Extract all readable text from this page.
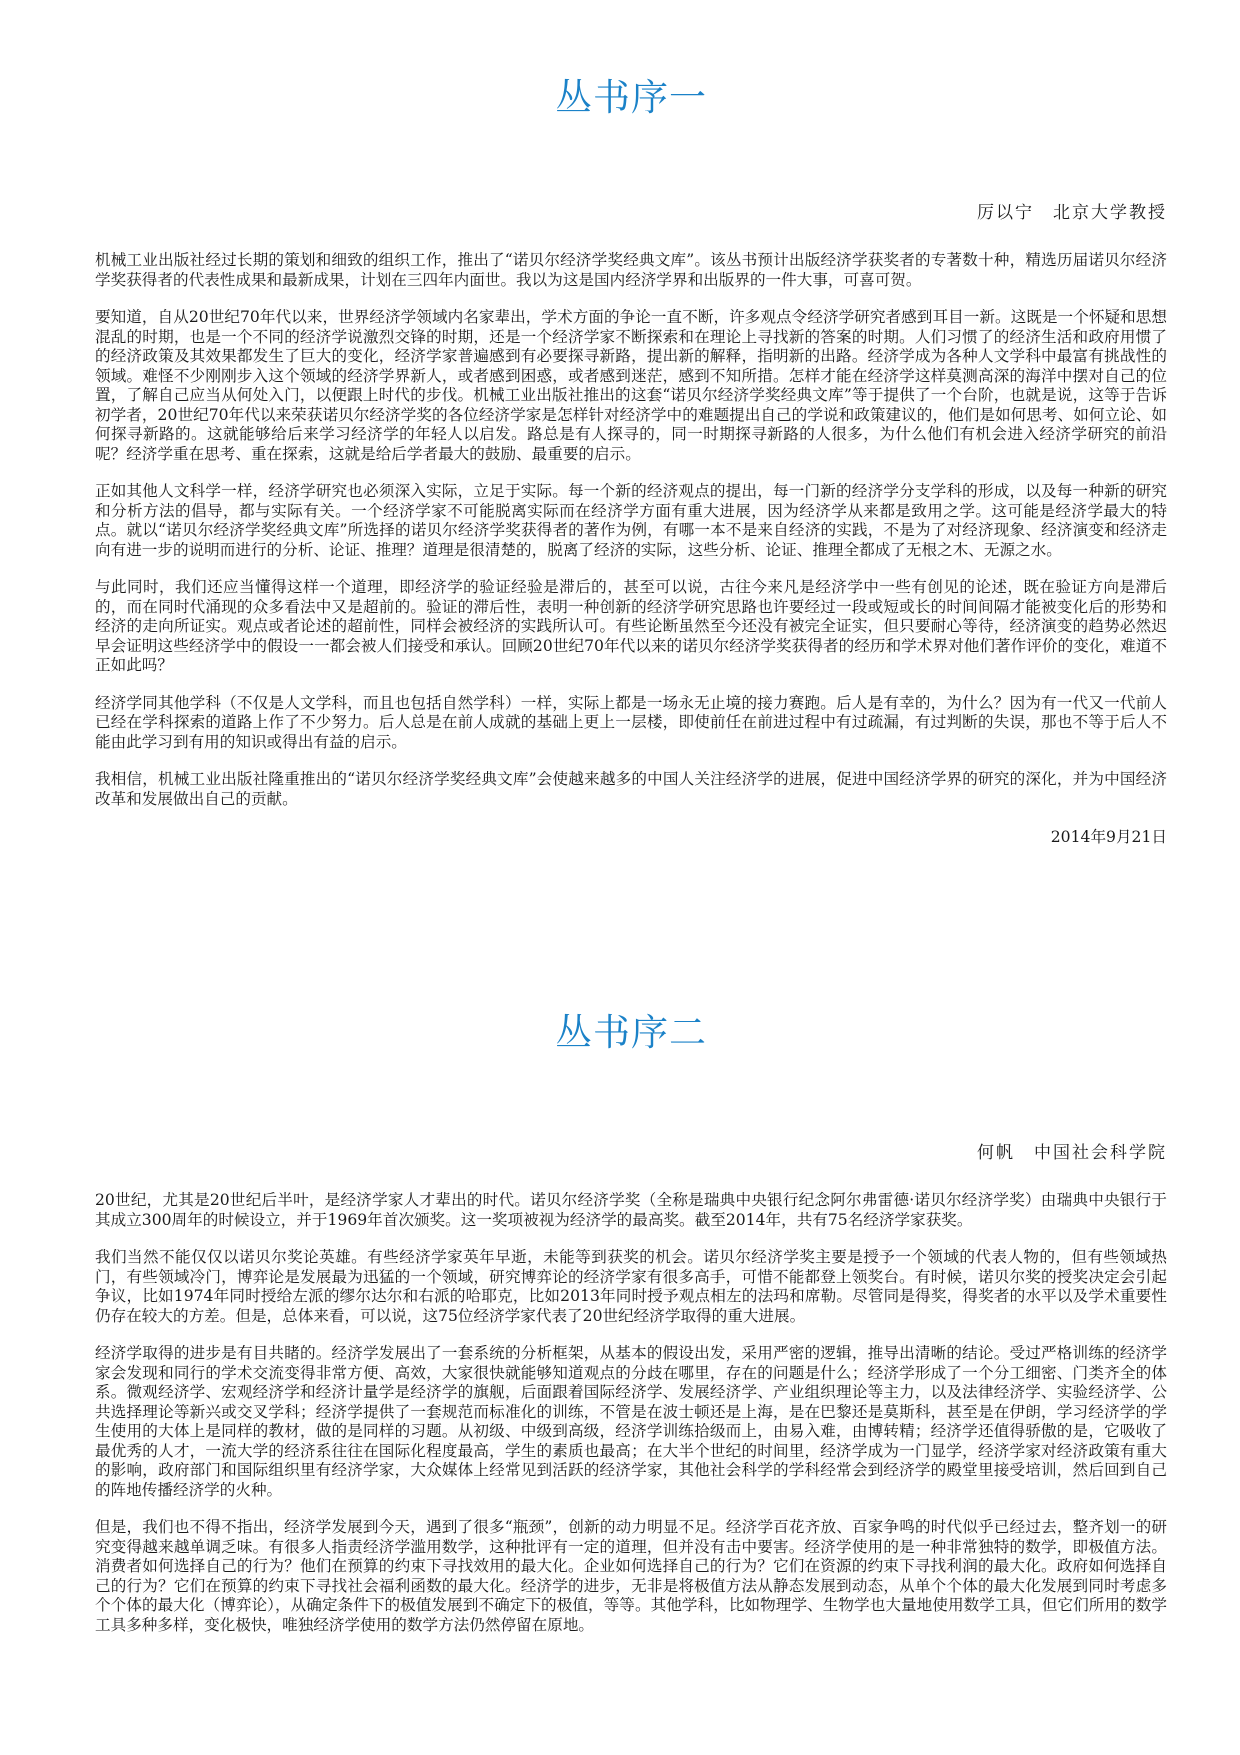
丛书序一

厉以宁　北京大学教授

机械工业出版社经过长期的策划和细致的组织工作，推出了“诺贝尔经济学奖经典文库”。该丛书预计出版经济学获奖者的专著数十种，精选历届诺贝尔经济学奖获得者的代表性成果和最新成果，计划在三四年内面世。我以为这是国内经济学界和出版界的一件大事，可喜可贺。

要知道，自从20世纪70年代以来，世界经济学领域内名家辈出，学术方面的争论一直不断，许多观点令经济学研究者感到耳目一新。这既是一个怀疑和思想混乱的时期，也是一个不同的经济学说激烈交锋的时期，还是一个经济学家不断探索和在理论上寻找新的答案的时期。人们习惯了的经济生活和政府用惯了的经济政策及其效果都发生了巨大的变化，经济学家普遍感到有必要探寻新路，提出新的解释，指明新的出路。经济学成为各种人文学科中最富有挑战性的领域。难怪不少刚刚步入这个领域的经济学界新人，或者感到困惑，或者感到迷茫，感到不知所措。怎样才能在经济学这样莫测高深的海洋中摆对自己的位置，了解自己应当从何处入门，以便跟上时代的步伐。机械工业出版社推出的这套“诺贝尔经济学奖经典文库”等于提供了一个台阶，也就是说，这等于告诉初学者，20世纪70年代以来荣获诺贝尔经济学奖的各位经济学家是怎样针对经济学中的难题提出自己的学说和政策建议的，他们是如何思考、如何立论、如何探寻新路的。这就能够给后来学习经济学的年轻人以启发。路总是有人探寻的，同一时期探寻新路的人很多，为什么他们有机会进入经济学研究的前沿呢？经济学重在思考、重在探索，这就是给后学者最大的鼓励、最重要的启示。

正如其他人文科学一样，经济学研究也必须深入实际，立足于实际。每一个新的经济观点的提出，每一门新的经济学分支学科的形成，以及每一种新的研究和分析方法的倡导，都与实际有关。一个经济学家不可能脱离实际而在经济学方面有重大进展，因为经济学从来都是致用之学。这可能是经济学最大的特点。就以“诺贝尔经济学奖经典文库”所选择的诺贝尔经济学奖获得者的著作为例，有哪一本不是来自经济的实践，不是为了对经济现象、经济演变和经济走向有进一步的说明而进行的分析、论证、推理？道理是很清楚的，脱离了经济的实际，这些分析、论证、推理全都成了无根之木、无源之水。

与此同时，我们还应当懂得这样一个道理，即经济学的验证经验是滞后的，甚至可以说，古往今来凡是经济学中一些有创见的论述，既在验证方向是滞后的，而在同时代涌现的众多看法中又是超前的。验证的滞后性，表明一种创新的经济学研究思路也许要经过一段或短或长的时间间隔才能被变化后的形势和经济的走向所证实。观点或者论述的超前性，同样会被经济的实践所认可。有些论断虽然至今还没有被完全证实，但只要耐心等待，经济演变的趋势必然迟早会证明这些经济学中的假设一一都会被人们接受和承认。回顾20世纪70年代以来的诺贝尔经济学奖获得者的经历和学术界对他们著作评价的变化，难道不正如此吗？

经济学同其他学科（不仅是人文学科，而且也包括自然学科）一样，实际上都是一场永无止境的接力赛跑。后人是有幸的，为什么？因为有一代又一代前人已经在学科探索的道路上作了不少努力。后人总是在前人成就的基础上更上一层楼，即使前任在前进过程中有过疏漏，有过判断的失误，那也不等于后人不能由此学习到有用的知识或得出有益的启示。

我相信，机械工业出版社隆重推出的“诺贝尔经济学奖经典文库”会使越来越多的中国人关注经济学的进展，促进中国经济学界的研究的深化，并为中国经济改革和发展做出自己的贡献。

2014年9月21日

丛书序二

何帆　中国社会科学院

20世纪，尤其是20世纪后半叶，是经济学家人才辈出的时代。诺贝尔经济学奖（全称是瑞典中央银行纪念阿尔弗雷德·诺贝尔经济学奖）由瑞典中央银行于其成立300周年的时候设立，并于1969年首次颁奖。这一奖项被视为经济学的最高奖。截至2014年，共有75名经济学家获奖。

我们当然不能仅仅以诺贝尔奖论英雄。有些经济学家英年早逝，未能等到获奖的机会。诺贝尔经济学奖主要是授予一个领域的代表人物的，但有些领域热门，有些领域冷门，博弈论是发展最为迅猛的一个领域，研究博弈论的经济学家有很多高手，可惜不能都登上领奖台。有时候，诺贝尔奖的授奖决定会引起争议，比如1974年同时授给左派的缪尔达尔和右派的哈耶克，比如2013年同时授予观点相左的法玛和席勒。尽管同是得奖，得奖者的水平以及学术重要性仍存在较大的方差。但是，总体来看，可以说，这75位经济学家代表了20世纪经济学取得的重大进展。

经济学取得的进步是有目共睹的。经济学发展出了一套系统的分析框架，从基本的假设出发，采用严密的逻辑，推导出清晰的结论。受过严格训练的经济学家会发现和同行的学术交流变得非常方便、高效，大家很快就能够知道观点的分歧在哪里，存在的问题是什么；经济学形成了一个分工细密、门类齐全的体系。微观经济学、宏观经济学和经济计量学是经济学的旗舰，后面跟着国际经济学、发展经济学、产业组织理论等主力，以及法律经济学、实验经济学、公共选择理论等新兴或交叉学科；经济学提供了一套规范而标准化的训练，不管是在波士顿还是上海，是在巴黎还是莫斯科，甚至是在伊朗，学习经济学的学生使用的大体上是同样的教材，做的是同样的习题。从初级、中级到高级，经济学训练拾级而上，由易入难，由博转精；经济学还值得骄傲的是，它吸收了最优秀的人才，一流大学的经济系往往在国际化程度最高，学生的素质也最高；在大半个世纪的时间里，经济学成为一门显学，经济学家对经济政策有重大的影响，政府部门和国际组织里有经济学家，大众媒体上经常见到活跃的经济学家，其他社会科学的学科经常会到经济学的殿堂里接受培训，然后回到自己的阵地传播经济学的火种。

但是，我们也不得不指出，经济学发展到今天，遇到了很多“瓶颈”，创新的动力明显不足。经济学百花齐放、百家争鸣的时代似乎已经过去，整齐划一的研究变得越来越单调乏味。有很多人指责经济学滥用数学，这种批评有一定的道理，但并没有击中要害。经济学使用的是一种非常独特的数学，即极值方法。消费者如何选择自己的行为？他们在预算的约束下寻找效用的最大化。企业如何选择自己的行为？它们在资源的约束下寻找利润的最大化。政府如何选择自己的行为？它们在预算的约束下寻找社会福利函数的最大化。经济学的进步，无非是将极值方法从静态发展到动态，从单个个体的最大化发展到同时考虑多个个体的最大化（博弈论），从确定条件下的极值发展到不确定下的极值，等等。其他学科，比如物理学、生物学也大量地使用数学工具，但它们所用的数学工具多种多样，变化极快，唯独经济学使用的数学方法仍然停留在原地。
